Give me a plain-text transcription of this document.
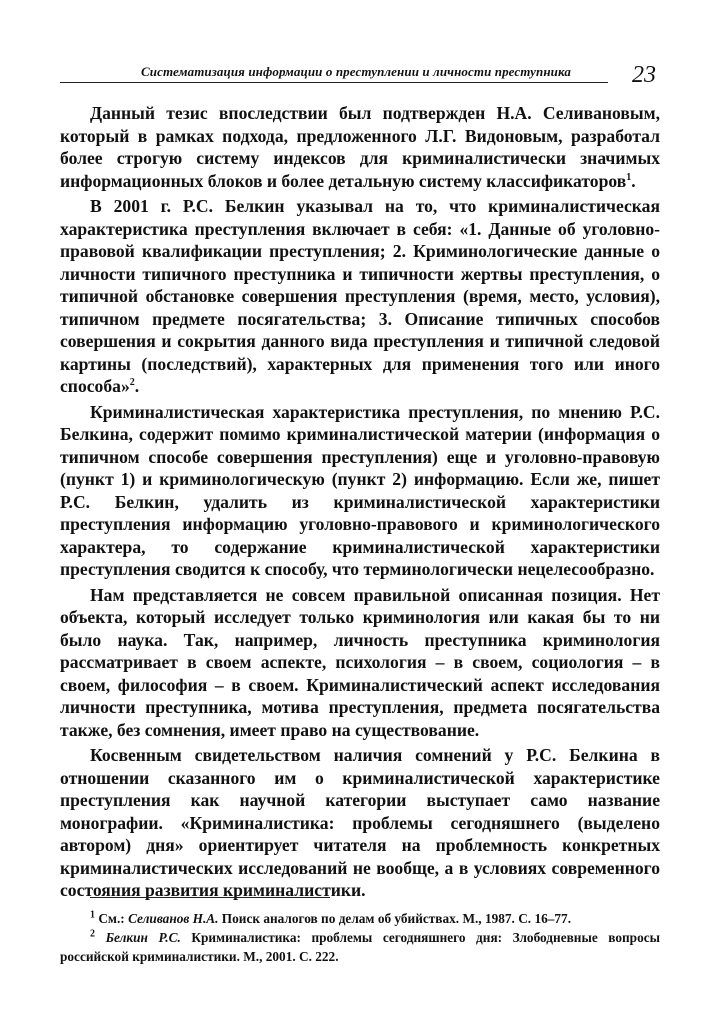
Систематизация информации о преступлении и личности преступника	23

Данный тезис впоследствии был подтвержден Н.А. Селивановым, который в рамках подхода, предложенного Л.Г. Видоновым, разработал более строгую систему индексов для криминалистически значимых информационных блоков и более детальную систему классификаторов$^1$.

В 2001 г. Р.С. Белкин указывал на то, что криминалистическая характеристика преступления включает в себя: «1. Данные об уголовно-правовой квалификации преступления; 2. Криминологические данные о личности типичного преступника и типичности жертвы преступления, о типичной обстановке совершения преступления (время, место, условия), типичном предмете посягательства; 3. Описание типичных способов совершения и сокрытия данного вида преступления и типичной следовой картины (последствий), характерных для применения того или иного способа»$^2$.

Криминалистическая характеристика преступления, по мнению Р.С. Белкина, содержит помимо криминалистической материи (информация о типичном способе совершения преступления) еще и уголовно-правовую (пункт 1) и криминологическую (пункт 2) информацию. Если же, пишет Р.С. Белкин, удалить из криминалистической характеристики преступления информацию уголовно-правового и криминологического характера, то содержание криминалистической характеристики преступления сводится к способу, что терминологически нецелесообразно.

Нам представляется не совсем правильной описанная позиция. Нет объекта, который исследует только криминология или какая бы то ни было наука. Так, например, личность преступника криминология рассматривает в своем аспекте, психология – в своем, социология – в своем, философия – в своем. Криминалистический аспект исследования личности преступника, мотива преступления, предмета посягательства также, без сомнения, имеет право на существование.

Косвенным свидетельством наличия сомнений у Р.С. Белкина в отношении сказанного им о криминалистической характеристике преступления как научной категории выступает само название монографии. «Криминалистика: проблемы сегодняшнего (выделено автором) дня» ориентирует читателя на проблемность конкретных криминалистических исследований не вообще, а в условиях современного состояния развития криминалистики.

$^1$ См.: Селиванов Н.А. Поиск аналогов по делам об убийствах. М., 1987. С. 16–77.

$^2$ Белкин Р.С. Криминалистика: проблемы сегодняшнего дня: Злободневные вопросы российской криминалистики. М., 2001. С. 222.
